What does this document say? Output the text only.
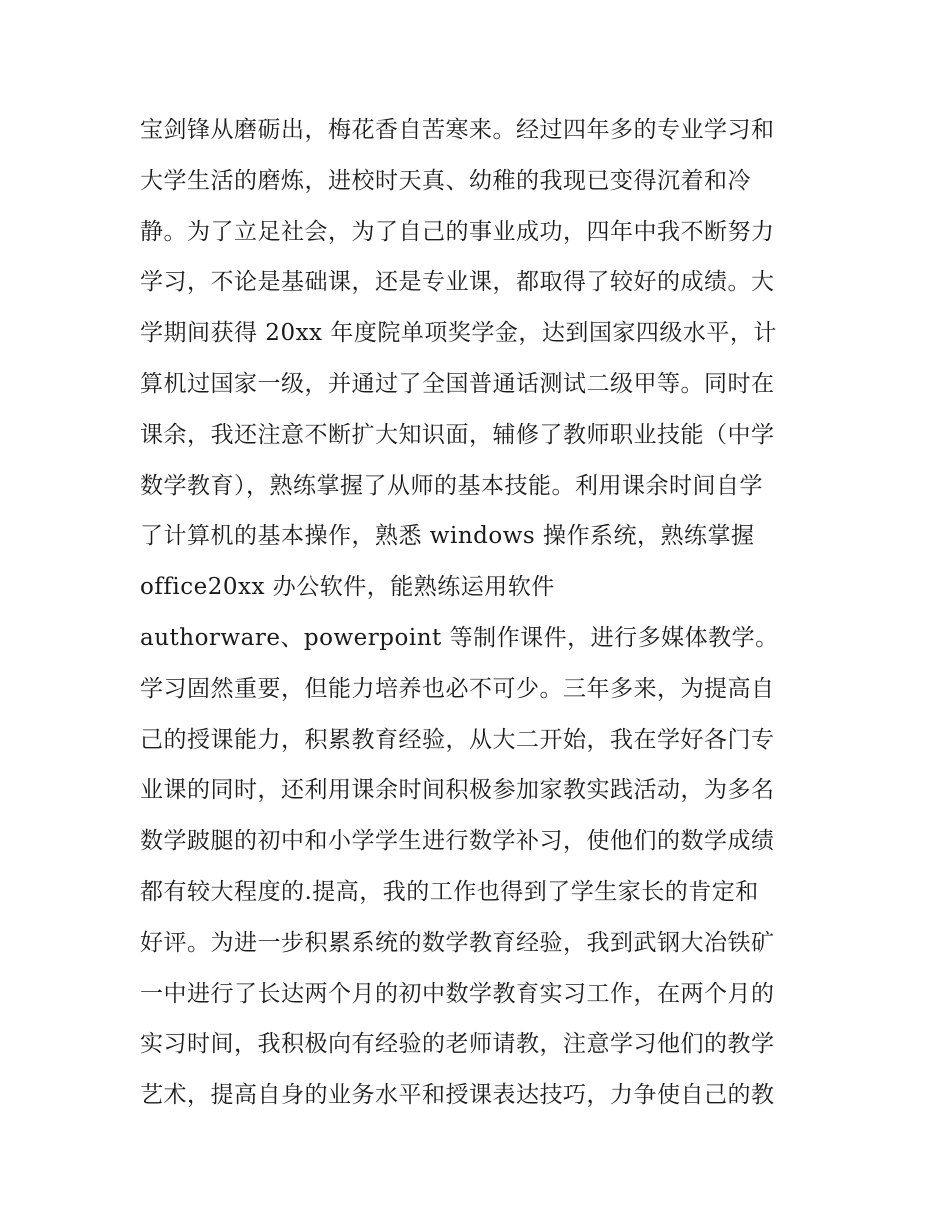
宝剑锋从磨砺出，梅花香自苦寒来。经过四年多的专业学习和
大学生活的磨炼，进校时天真、幼稚的我现已变得沉着和冷
静。为了立足社会，为了自己的事业成功，四年中我不断努力
学习，不论是基础课，还是专业课，都取得了较好的成绩。大
学期间获得 20xx 年度院单项奖学金，达到国家四级水平，计
算机过国家一级，并通过了全国普通话测试二级甲等。同时在
课余，我还注意不断扩大知识面，辅修了教师职业技能（中学
数学教育），熟练掌握了从师的基本技能。利用课余时间自学
了计算机的基本操作，熟悉 windows 操作系统，熟练掌握
office20xx 办公软件，能熟练运用软件
authorware、powerpoint 等制作课件，进行多媒体教学。
学习固然重要，但能力培养也必不可少。三年多来，为提高自
己的授课能力，积累教育经验，从大二开始，我在学好各门专
业课的同时，还利用课余时间积极参加家教实践活动，为多名
数学跛腿的初中和小学学生进行数学补习，使他们的数学成绩
都有较大程度的.提高，我的工作也得到了学生家长的肯定和
好评。为进一步积累系统的数学教育经验，我到武钢大冶铁矿
一中进行了长达两个月的初中数学教育实习工作，在两个月的
实习时间，我积极向有经验的老师请教，注意学习他们的教学
艺术，提高自身的业务水平和授课表达技巧，力争使自己的教
